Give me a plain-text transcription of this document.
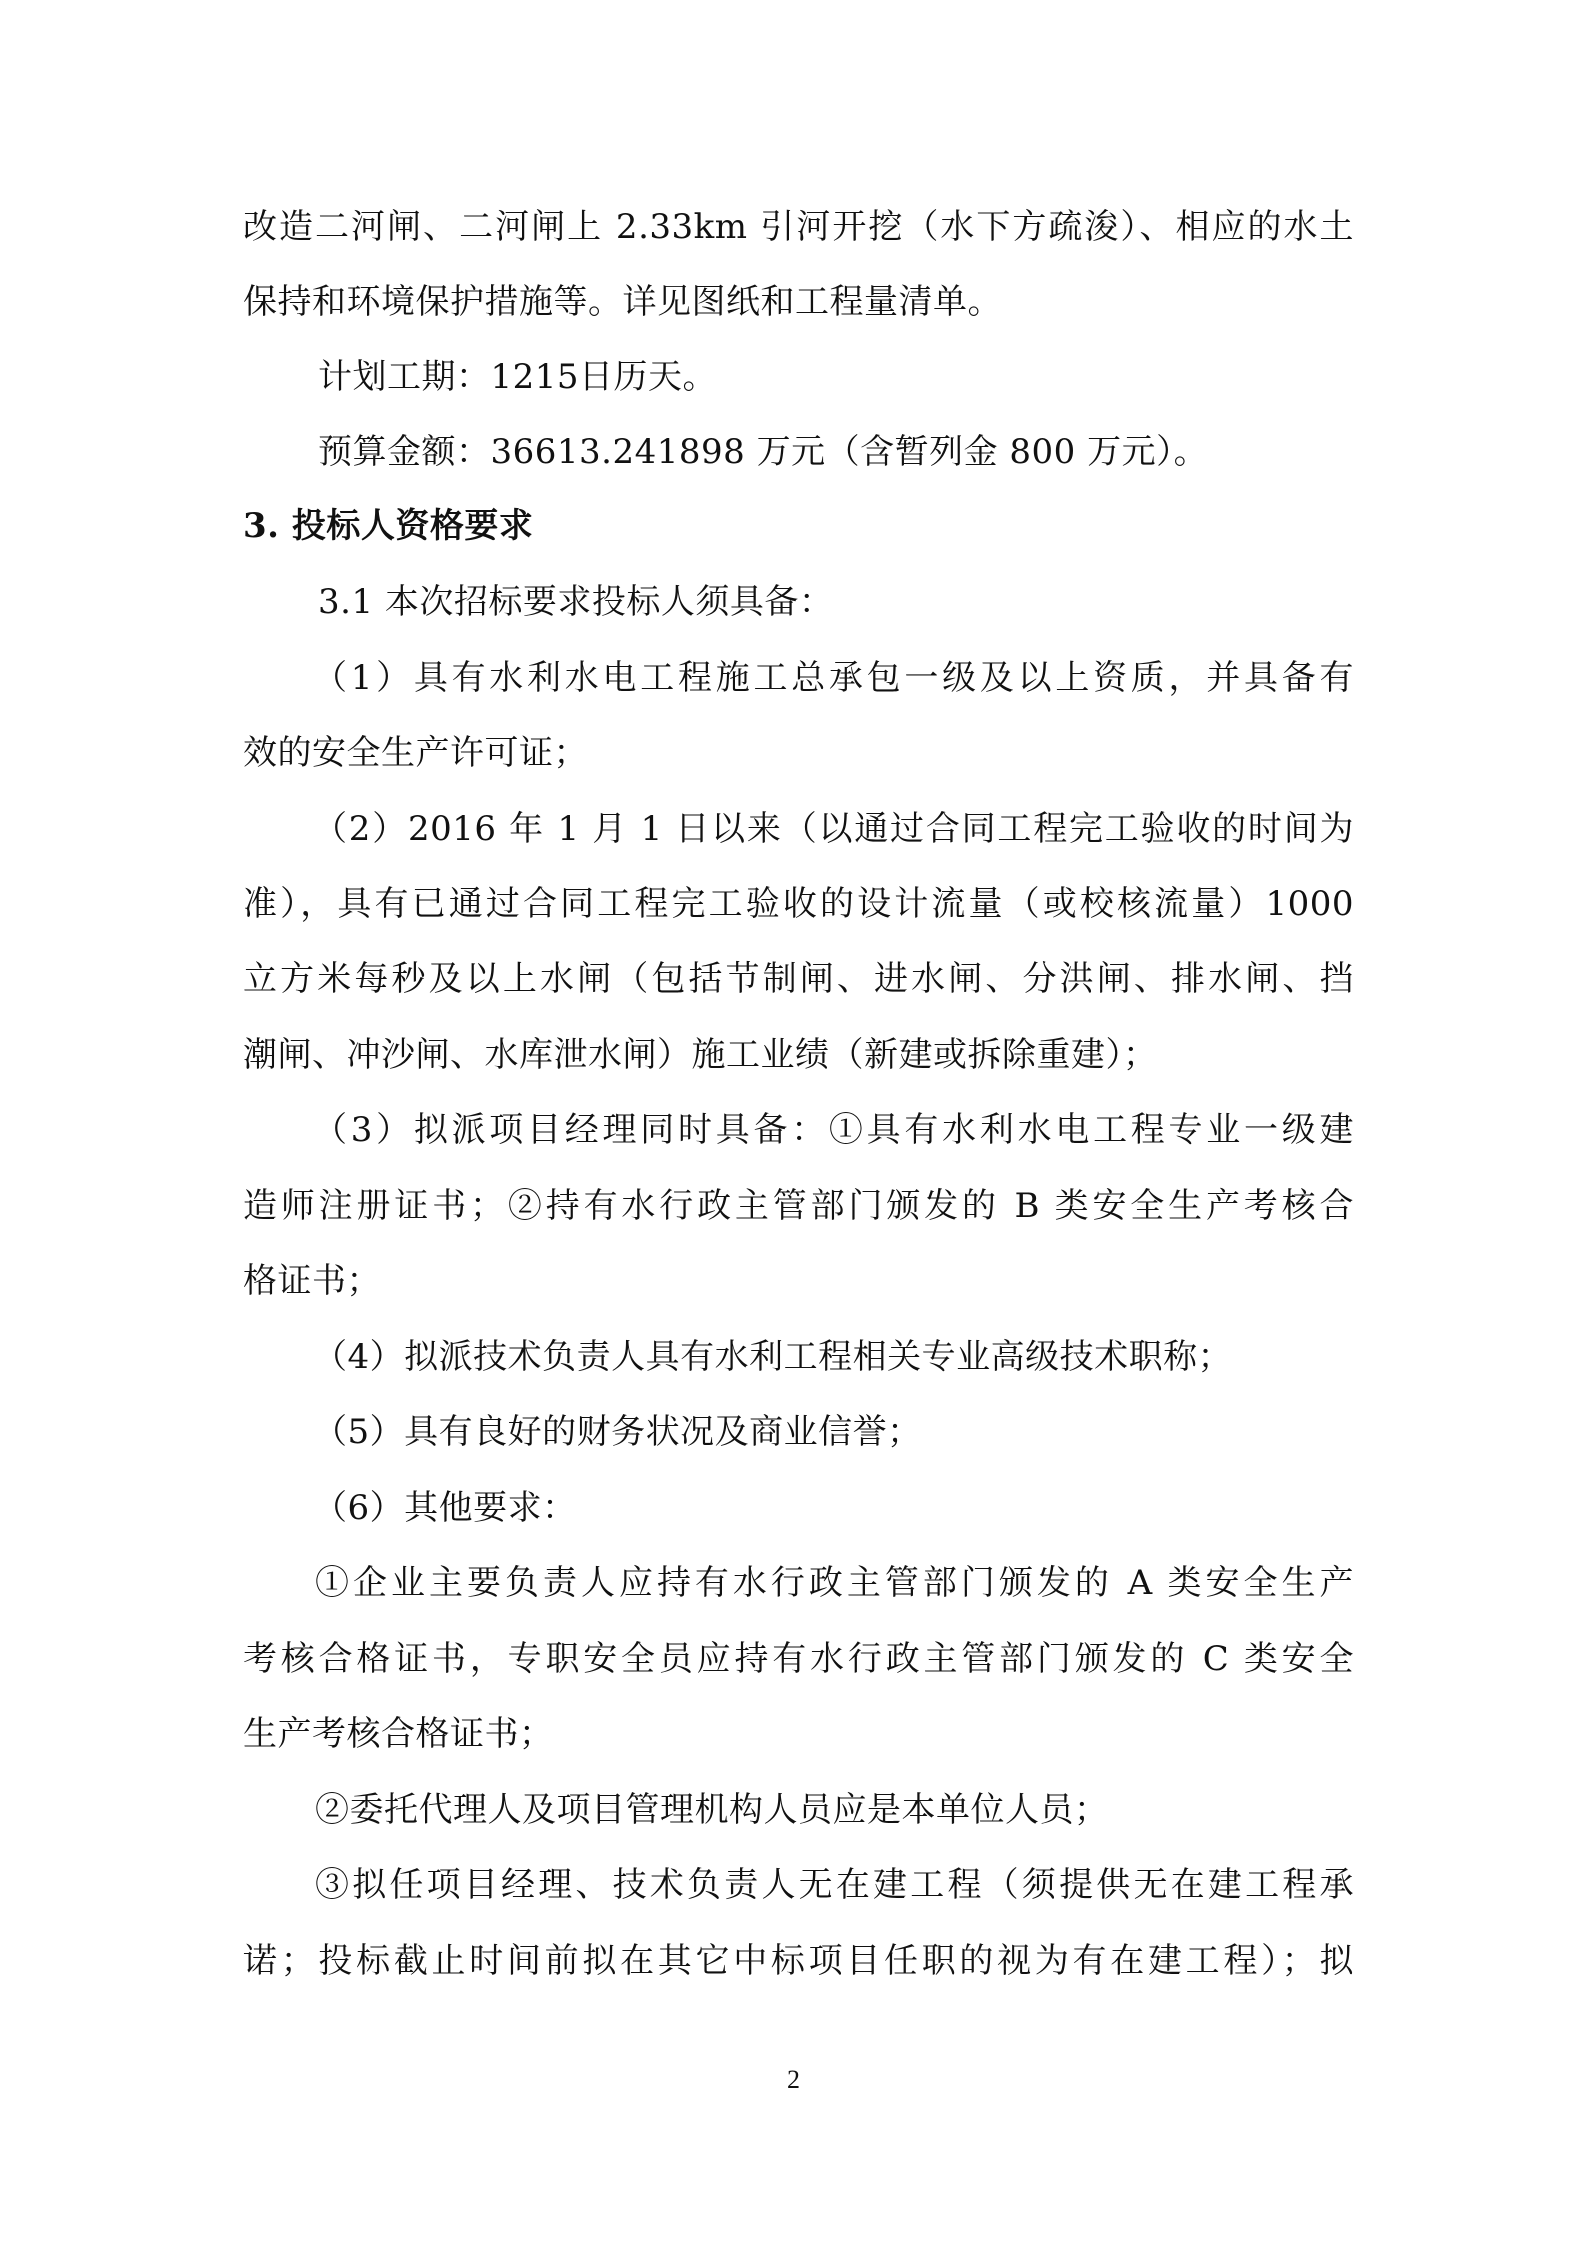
改造二河闸、二河闸上 2.33km 引河开挖（水下方疏浚）、相应的水土
保持和环境保护措施等。详见图纸和工程量清单。
计划工期：1215日历天。
预算金额：36613.241898 万元（含暂列金 800 万元）。
3. 投标人资格要求
3.1 本次招标要求投标人须具备：
（1）具有水利水电工程施工总承包一级及以上资质，并具备有
效的安全生产许可证；
（2）2016 年 1 月 1 日以来（以通过合同工程完工验收的时间为
准），具有已通过合同工程完工验收的设计流量（或校核流量）1000
立方米每秒及以上水闸（包括节制闸、进水闸、分洪闸、排水闸、挡
潮闸、冲沙闸、水库泄水闸）施工业绩（新建或拆除重建）；
（3）拟派项目经理同时具备：①具有水利水电工程专业一级建
造师注册证书；②持有水行政主管部门颁发的 B 类安全生产考核合
格证书；
（4）拟派技术负责人具有水利工程相关专业高级技术职称；
（5）具有良好的财务状况及商业信誉；
（6）其他要求：
①企业主要负责人应持有水行政主管部门颁发的 A 类安全生产
考核合格证书，专职安全员应持有水行政主管部门颁发的 C 类安全
生产考核合格证书；
②委托代理人及项目管理机构人员应是本单位人员；
③拟任项目经理、技术负责人无在建工程（须提供无在建工程承
诺；投标截止时间前拟在其它中标项目任职的视为有在建工程）；拟
2
